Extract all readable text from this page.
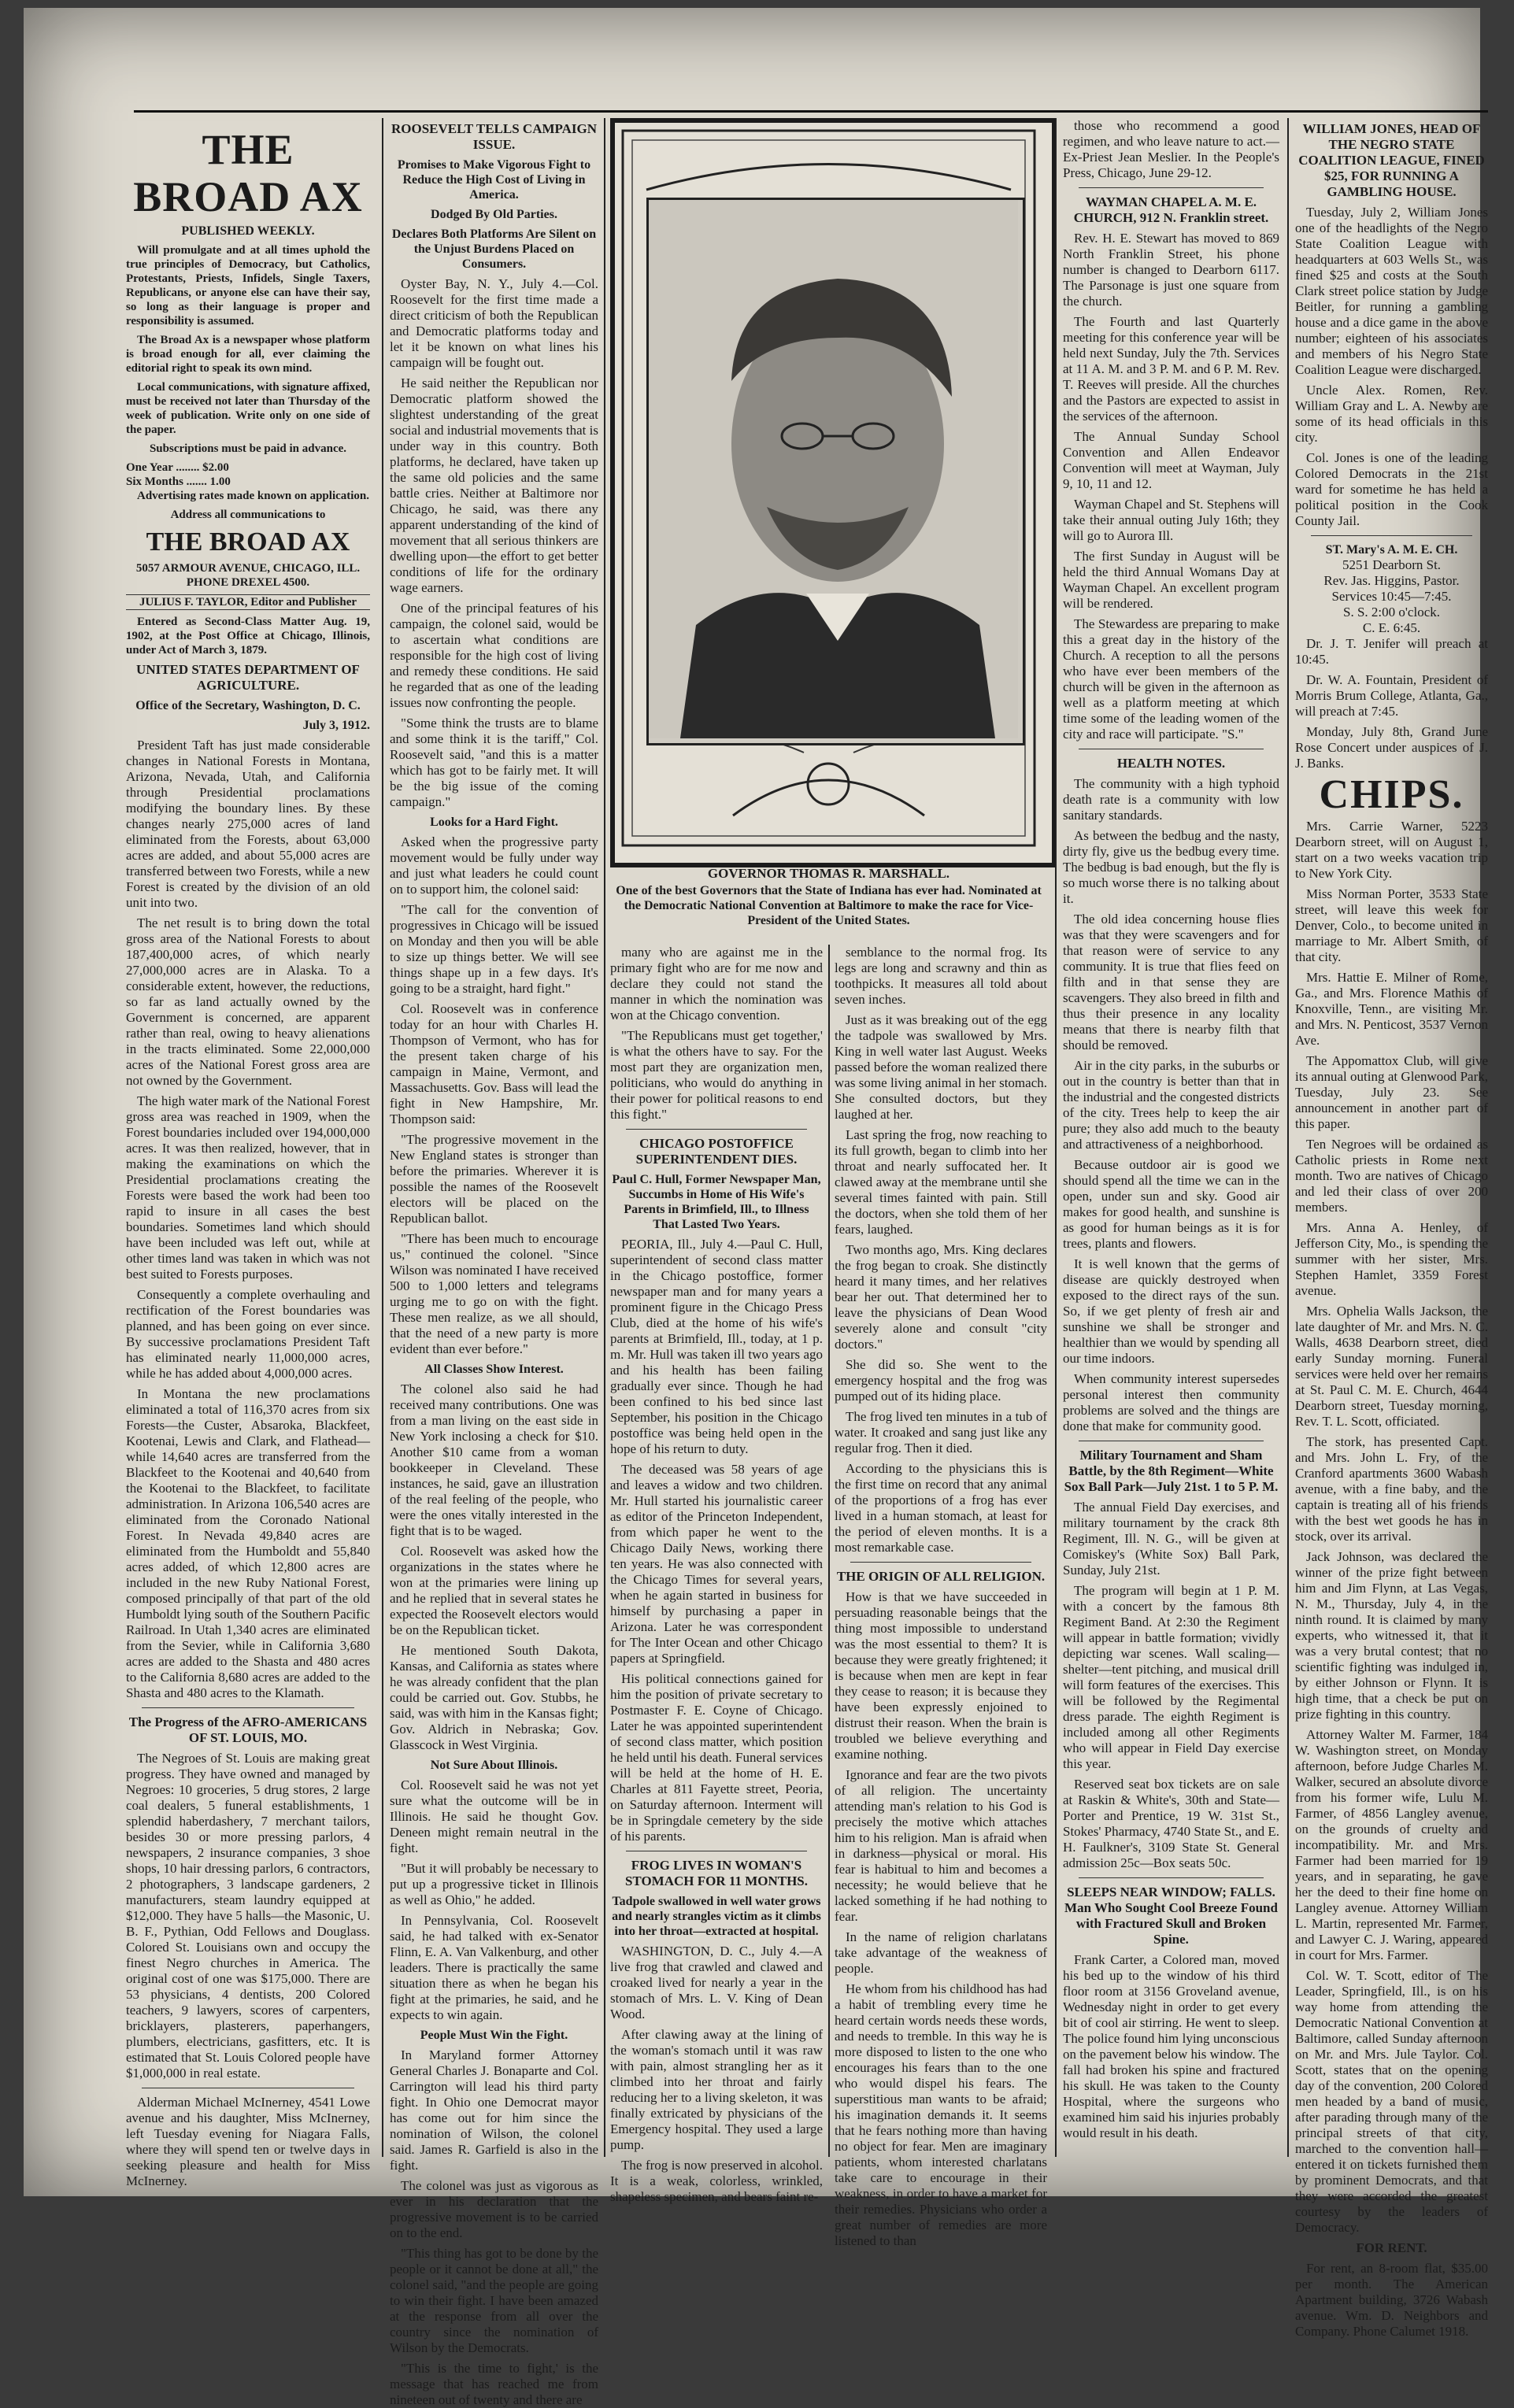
THE BROAD AX
PUBLISHED WEEKLY.

Will promulgate and at all times uphold the true principles of Democracy, but Catholics, Protestants, Priests, Infidels, Single Taxers, Republicans, or anyone else can have their say, so long as their language is proper and responsibility is assumed.

The Broad Ax is a newspaper whose platform is broad enough for all, ever claiming the editorial right to speak its own mind.

Local communications, with signature affixed, must be received not later than Thursday of the week of publication. Write only on one side of the paper.

Subscriptions must be paid in advance.

One Year ........ $2.00
Six Months ....... 1.00

Advertising rates made known on application.

Address all communications to

THE BROAD AX
5057 ARMOUR AVENUE, CHICAGO, ILL.
PHONE DREXEL 4500.
JULIUS F. TAYLOR, Editor and Publisher

Entered as Second-Class Matter Aug. 19, 1902, at the Post Office at Chicago, Illinois, under Act of March 3, 1879.

UNITED STATES DEPARTMENT OF AGRICULTURE.
Office of the Secretary, Washington, D. C.
July 3, 1912.

President Taft has just made considerable changes in National Forests in Montana, Arizona, Nevada, Utah, and California through Presidential proclamations modifying the boundary lines. By these changes nearly 275,000 acres of land eliminated from the Forests, about 63,000 acres are added, and about 55,000 acres are transferred between two Forests, while a new Forest is created by the division of an old unit into two.

The net result is to bring down the total gross area of the National Forests to about 187,400,000 acres, of which nearly 27,000,000 acres are in Alaska. To a considerable extent, however, the reductions, so far as land actually owned by the Government is concerned, are apparent rather than real, owing to heavy alienations in the tracts eliminated. Some 22,000,000 acres of the National Forest gross area are not owned by the Government.

The high water mark of the National Forest gross area was reached in 1909, when the Forest boundaries included over 194,000,000 acres. It was then realized, however, that in making the examinations on which the Presidential proclamations creating the Forests were based the work had been too rapid to insure in all cases the best boundaries. Sometimes land which should have been included was left out, while at other times land was taken in which was not best suited to Forests purposes.

Consequently a complete overhauling and rectification of the Forest boundaries was planned, and has been going on ever since. By successive proclamations President Taft has eliminated nearly 11,000,000 acres, while he has added about 4,000,000 acres.

In Montana the new proclamations eliminated a total of 116,370 acres from six Forests—the Custer, Absaroka, Blackfeet, Kootenai, Lewis and Clark, and Flathead—while 14,640 acres are transferred from the Blackfeet to the Kootenai and 40,640 from the Kootenai to the Blackfeet, to facilitate administration. In Arizona 106,540 acres are eliminated from the Coronado National Forest. In Nevada 49,840 acres are eliminated from the Humboldt and 55,840 acres added, of which 12,800 acres are included in the new Ruby National Forest, composed principally of that part of the old Humboldt lying south of the Southern Pacific Railroad. In Utah 1,340 acres are eliminated from the Sevier, while in California 3,680 acres are added to the Shasta and 480 acres to the California 8,680 acres are added to the Shasta and 480 acres to the Klamath.

The Progress of the AFRO-AMERICANS OF ST. LOUIS, MO.

The Negroes of St. Louis are making great progress. They have owned and managed by Negroes: 10 groceries, 5 drug stores, 2 large coal dealers, 5 funeral establishments, 1 splendid haberdashery, 7 merchant tailors, besides 30 or more pressing parlors, 4 newspapers, 2 insurance companies, 3 shoe shops, 10 hair dressing parlors, 6 contractors, 2 photographers, 3 landscape gardeners, 2 manufacturers, steam laundry equipped at $12,000. They have 5 halls—the Masonic, U. B. F., Pythian, Odd Fellows and Douglass. Colored St. Louisians own and occupy the finest Negro churches in America. The original cost of one was $175,000. There are 53 physicians, 4 dentists, 200 Colored teachers, 9 lawyers, scores of carpenters, bricklayers, plasterers, paperhangers, plumbers, electricians, gasfitters, etc. It is estimated that St. Louis Colored people have $1,000,000 in real estate.

Alderman Michael McInerney, 4541 Lowe avenue and his daughter, Miss McInerney, left Tuesday evening for Niagara Falls, where they will spend ten or twelve days in seeking pleasure and health for Miss McInerney.

ROOSEVELT TELLS CAMPAIGN ISSUE.
Promises to Make Vigorous Fight to Reduce the High Cost of Living in America.
Dodged By Old Parties.
Declares Both Platforms Are Silent on the Unjust Burdens Placed on Consumers.

Oyster Bay, N. Y., July 4.—Col. Roosevelt for the first time made a direct criticism of both the Republican and Democratic platforms today and let it be known on what lines his campaign will be fought out.

He said neither the Republican nor Democratic platform showed the slightest understanding of the great social and industrial movements that is under way in this country. Both platforms, he declared, have taken up the same old policies and the same battle cries. Neither at Baltimore nor Chicago, he said, was there any apparent understanding of the kind of movement that all serious thinkers are dwelling upon—the effort to get better conditions of life for the ordinary wage earners.

One of the principal features of his campaign, the colonel said, would be to ascertain what conditions are responsible for the high cost of living and remedy these conditions. He said he regarded that as one of the leading issues now confronting the people.

"Some think the trusts are to blame and some think it is the tariff," Col. Roosevelt said, "and this is a matter which has got to be fairly met. It will be the big issue of the coming campaign."

Looks for a Hard Fight.

Asked when the progressive party movement would be fully under way and just what leaders he could count on to support him, the colonel said:

"The call for the convention of progressives in Chicago will be issued on Monday and then you will be able to size up things better. We will see things shape up in a few days. It's going to be a straight, hard fight."

Col. Roosevelt was in conference today for an hour with Charles H. Thompson of Vermont, who has for the present taken charge of his campaign in Maine, Vermont, and Massachusetts. Gov. Bass will lead the fight in New Hampshire, Mr. Thompson said:

"The progressive movement in the New England states is stronger than before the primaries. Wherever it is possible the names of the Roosevelt electors will be placed on the Republican ballot.

"There has been much to encourage us," continued the colonel. "Since Wilson was nominated I have received 500 to 1,000 letters and telegrams urging me to go on with the fight. These men realize, as we all should, that the need of a new party is more evident than ever before."

All Classes Show Interest.

The colonel also said he had received many contributions. One was from a man living on the east side in New York inclosing a check for $10. Another $10 came from a woman bookkeeper in Cleveland. These instances, he said, gave an illustration of the real feeling of the people, who were the ones vitally interested in the fight that is to be waged.

Col. Roosevelt was asked how the organizations in the states where he won at the primaries were lining up and he replied that in several states he expected the Roosevelt electors would be on the Republican ticket.

He mentioned South Dakota, Kansas, and California as states where he was already confident that the plan could be carried out. Gov. Stubbs, he said, was with him in the Kansas fight; Gov. Aldrich in Nebraska; Gov. Glasscock in West Virginia.

Not Sure About Illinois.

Col. Roosevelt said he was not yet sure what the outcome will be in Illinois. He said he thought Gov. Deneen might remain neutral in the fight.

"But it will probably be necessary to put up a progressive ticket in Illinois as well as Ohio," he added.

In Pennsylvania, Col. Roosevelt said, he had talked with ex-Senator Flinn, E. A. Van Valkenburg, and other leaders. There is practically the same situation there as when he began his fight at the primaries, he said, and he expects to win again.

People Must Win the Fight.

In Maryland former Attorney General Charles J. Bonaparte and Col. Carrington will lead his third party fight. In Ohio one Democrat mayor has come out for him since the nomination of Wilson, the colonel said. James R. Garfield is also in the fight.

The colonel was just as vigorous as ever in his declaration that the progressive movement is to be carried on to the end.

"This thing has got to be done by the people or it cannot be done at all," the colonel said, "and the people are going to win their fight. I have been amazed at the response from all over the country since the nomination of Wilson by the Democrats.

"This is the time to fight,' is the message that has reached me from nineteen out of twenty and there are

GOVERNOR THOMAS R. MARSHALL.
One of the best Governors that the State of Indiana has ever had. Nominated at the Democratic National Convention at Baltimore to make the race for Vice-President of the United States.

many who are against me in the primary fight who are for me now and declare they could not stand the manner in which the nomination was won at the Chicago convention.

"The Republicans must get together,' is what the others have to say. For the most part they are organization men, politicians, who would do anything in their power for political reasons to end this fight."

CHICAGO POSTOFFICE SUPERINTENDENT DIES.
Paul C. Hull, Former Newspaper Man, Succumbs in Home of His Wife's Parents in Brimfield, Ill., to Illness That Lasted Two Years.

PEORIA, Ill., July 4.—Paul C. Hull, superintendent of second class matter in the Chicago postoffice, former newspaper man and for many years a prominent figure in the Chicago Press Club, died at the home of his wife's parents at Brimfield, Ill., today, at 1 p. m. Mr. Hull was taken ill two years ago and his health has been failing gradually ever since. Though he had been confined to his bed since last September, his position in the Chicago postoffice was being held open in the hope of his return to duty.

The deceased was 58 years of age and leaves a widow and two children. Mr. Hull started his journalistic career as editor of the Princeton Independent, from which paper he went to the Chicago Daily News, working there ten years. He was also connected with the Chicago Times for several years, when he again started in business for himself by purchasing a paper in Arizona. Later he was correspondent for The Inter Ocean and other Chicago papers at Springfield.

His political connections gained for him the position of private secretary to Postmaster F. E. Coyne of Chicago. Later he was appointed superintendent of second class matter, which position he held until his death. Funeral services will be held at the home of H. E. Charles at 811 Fayette street, Peoria, on Saturday afternoon. Interment will be in Springdale cemetery by the side of his parents.

FROG LIVES IN WOMAN'S STOMACH FOR 11 MONTHS.
Tadpole swallowed in well water grows and nearly strangles victim as it climbs into her throat—extracted at hospital.

WASHINGTON, D. C., July 4.—A live frog that crawled and clawed and croaked lived for nearly a year in the stomach of Mrs. L. V. King of Dean Wood.

After clawing away at the lining of the woman's stomach until it was raw with pain, almost strangling her as it climbed into her throat and fairly reducing her to a living skeleton, it was finally extricated by physicians of the Emergency hospital. They used a large pump.

The frog is now preserved in alcohol. It is a weak, colorless, wrinkled, shapeless specimen, and bears faint re-

semblance to the normal frog. Its legs are long and scrawny and thin as toothpicks. It measures all told about seven inches.

Just as it was breaking out of the egg the tadpole was swallowed by Mrs. King in well water last August. Weeks passed before the woman realized there was some living animal in her stomach. She consulted doctors, but they laughed at her.

Last spring the frog, now reaching to its full growth, began to climb into her throat and nearly suffocated her. It clawed away at the membrane until she several times fainted with pain. Still the doctors, when she told them of her fears, laughed.

Two months ago, Mrs. King declares the frog began to croak. She distinctly heard it many times, and her relatives bear her out. That determined her to leave the physicians of Dean Wood severely alone and consult "city doctors."

She did so. She went to the emergency hospital and the frog was pumped out of its hiding place.

The frog lived ten minutes in a tub of water. It croaked and sang just like any regular frog. Then it died.

According to the physicians this is the first time on record that any animal of the proportions of a frog has ever lived in a human stomach, at least for the period of eleven months. It is a most remarkable case.

THE ORIGIN OF ALL RELIGION.

How is that we have succeeded in persuading reasonable beings that the thing most impossible to understand was the most essential to them? It is because they were greatly frightened; it is because when men are kept in fear they cease to reason; it is because they have been expressly enjoined to distrust their reason. When the brain is troubled we believe everything and examine nothing.

Ignorance and fear are the two pivots of all religion. The uncertainty attending man's relation to his God is precisely the motive which attaches him to his religion. Man is afraid when in darkness—physical or moral. His fear is habitual to him and becomes a necessity; he would believe that he lacked something if he had nothing to fear.

In the name of religion charlatans take advantage of the weakness of people.

He whom from his childhood has had a habit of trembling every time he heard certain words needs these words, and needs to tremble. In this way he is more disposed to listen to the one who encourages his fears than to the one who would dispel his fears. The superstitious man wants to be afraid; his imagination demands it. It seems that he fears nothing more than having no object for fear. Men are imaginary patients, whom interested charlatans take care to encourage in their weakness, in order to have a market for their remedies. Physicians who order a great number of remedies are more listened to than

those who recommend a good regimen, and who leave nature to act.—Ex-Priest Jean Meslier. In the People's Press, Chicago, June 29-12.

WAYMAN CHAPEL A. M. E. CHURCH, 912 N. Franklin street.

Rev. H. E. Stewart has moved to 869 North Franklin Street, his phone number is changed to Dearborn 6117. The Parsonage is just one square from the church.

The Fourth and last Quarterly meeting for this conference year will be held next Sunday, July the 7th. Services at 11 A. M. and 3 P. M. and 6 P. M. Rev. T. Reeves will preside. All the churches and the Pastors are expected to assist in the services of the afternoon.

The Annual Sunday School Convention and Allen Endeavor Convention will meet at Wayman, July 9, 10, 11 and 12.

Wayman Chapel and St. Stephens will take their annual outing July 16th; they will go to Aurora Ill.

The first Sunday in August will be held the third Annual Womans Day at Wayman Chapel. An excellent program will be rendered.

The Stewardess are preparing to make this a great day in the history of the Church. A reception to all the persons who have ever been members of the church will be given in the afternoon as well as a platform meeting at which time some of the leading women of the city and race will participate. "S."

HEALTH NOTES.

The community with a high typhoid death rate is a community with low sanitary standards.

As between the bedbug and the nasty, dirty fly, give us the bedbug every time. The bedbug is bad enough, but the fly is so much worse there is no talking about it.

The old idea concerning house flies was that they were scavengers and for that reason were of service to any community. It is true that flies feed on filth and in that sense they are scavengers. They also breed in filth and thus their presence in any locality means that there is nearby filth that should be removed.

Air in the city parks, in the suburbs or out in the country is better than that in the industrial and the congested districts of the city. Trees help to keep the air pure; they also add much to the beauty and attractiveness of a neighborhood.

Because outdoor air is good we should spend all the time we can in the open, under sun and sky. Good air makes for good health, and sunshine is as good for human beings as it is for trees, plants and flowers.

It is well known that the germs of disease are quickly destroyed when exposed to the direct rays of the sun. So, if we get plenty of fresh air and sunshine we shall be stronger and healthier than we would by spending all our time indoors.

When community interest supersedes personal interest then community problems are solved and the things are done that make for community good.

Military Tournament and Sham Battle, by the 8th Regiment—White Sox Ball Park—July 21st. 1 to 5 P. M.

The annual Field Day exercises, and military tournament by the crack 8th Regiment, Ill. N. G., will be given at Comiskey's (White Sox) Ball Park, Sunday, July 21st.

The program will begin at 1 P. M. with a concert by the famous 8th Regiment Band. At 2:30 the Regiment will appear in battle formation; vividly depicting war scenes. Wall scaling—shelter—tent pitching, and musical drill will form features of the exercises. This will be followed by the Regimental dress parade. The eighth Regiment is included among all other Regiments who will appear in Field Day exercise this year.

Reserved seat box tickets are on sale at Raskin & White's, 30th and State—Porter and Prentice, 19 W. 31st St., Stokes' Pharmacy, 4740 State St., and E. H. Faulkner's, 3109 State St. General admission 25c—Box seats 50c.

SLEEPS NEAR WINDOW; FALLS. Man Who Sought Cool Breeze Found with Fractured Skull and Broken Spine.

Frank Carter, a Colored man, moved his bed up to the window of his third floor room at 3156 Groveland avenue, Wednesday night in order to get every bit of cool air stirring. He went to sleep. The police found him lying unconscious on the pavement below his window. The fall had broken his spine and fractured his skull. He was taken to the County Hospital, where the surgeons who examined him said his injuries probably would result in his death.

WILLIAM JONES, HEAD OF THE NEGRO STATE COALITION LEAGUE, FINED $25, FOR RUNNING A GAMBLING HOUSE.

Tuesday, July 2, William Jones one of the headlights of the Negro State Coalition League with headquarters at 603 Wells St., was fined $25 and costs at the South Clark street police station by Judge Beitler, for running a gambling house and a dice game in the above number; eighteen of his associates and members of his Negro State Coalition League were discharged.

Uncle Alex. Romen, Rev. William Gray and L. A. Newby are some of its head officials in this city.

Col. Jones is one of the leading Colored Democrats in the 21st ward for sometime he has held a political position in the Cook County Jail.

ST. Mary's A. M. E. CH.
5251 Dearborn St.
Rev. Jas. Higgins, Pastor.
Services 10:45—7:45.
S. S. 2:00 o'clock.
C. E. 6:45.

Dr. J. T. Jenifer will preach at 10:45.

Dr. W. A. Fountain, President of Morris Brum College, Atlanta, Ga., will preach at 7:45.

Monday, July 8th, Grand June Rose Concert under auspices of J. J. Banks.

CHIPS.

Mrs. Carrie Warner, 5223 Dearborn street, will on August 1, start on a two weeks vacation trip to New York City.

Miss Norman Porter, 3533 State street, will leave this week for Denver, Colo., to become united in marriage to Mr. Albert Smith, of that city.

Mrs. Hattie E. Milner of Rome, Ga., and Mrs. Florence Mathis of Knoxville, Tenn., are visiting Mr. and Mrs. N. Penticost, 3537 Vernon Ave.

The Appomattox Club, will give its annual outing at Glenwood Park, Tuesday, July 23. See announcement in another part of this paper.

Ten Negroes will be ordained as Catholic priests in Rome next month. Two are natives of Chicago and led their class of over 200 members.

Mrs. Anna A. Henley, of Jefferson City, Mo., is spending the summer with her sister, Mrs. Stephen Hamlet, 3359 Forest avenue.

Mrs. Ophelia Walls Jackson, the late daughter of Mr. and Mrs. N. C. Walls, 4638 Dearborn street, died early Sunday morning. Funeral services were held over her remains at St. Paul C. M. E. Church, 4644 Dearborn street, Tuesday morning, Rev. T. L. Scott, officiated.

The stork, has presented Capt. and Mrs. John L. Fry, of the Cranford apartments 3600 Wabash avenue, with a fine baby, and the captain is treating all of his friends with the best wet goods he has in stock, over its arrival.

Jack Johnson, was declared the winner of the prize fight between him and Jim Flynn, at Las Vegas, N. M., Thursday, July 4, in the ninth round. It is claimed by many experts, who witnessed it, that it was a very brutal contest; that no scientific fighting was indulged in, by either Johnson or Flynn. It is high time, that a check be put on prize fighting in this country.

Attorney Walter M. Farmer, 184 W. Washington street, on Monday afternoon, before Judge Charles M. Walker, secured an absolute divorce from his former wife, Lulu M. Farmer, of 4856 Langley avenue, on the grounds of cruelty and incompatibility. Mr. and Mrs. Farmer had been married for 19 years, and in separating, he gave her the deed to their fine home on Langley avenue. Attorney William L. Martin, represented Mr. Farmer, and Lawyer C. J. Waring, appeared in court for Mrs. Farmer.

Col. W. T. Scott, editor of The Leader, Springfield, Ill., is on his way home from attending the Democratic National Convention at Baltimore, called Sunday afternoon on Mr. and Mrs. Jule Taylor. Col. Scott, states that on the opening day of the convention, 200 Colored men headed by a band of music, after parading through many of the principal streets of that city, marched to the convention hall—entered it on tickets furnished them by prominent Democrats, and that they were accorded the greatest courtesy by the leaders of Democracy.

FOR RENT.

For rent, an 8-room flat, $35.00 per month. The American Apartment building, 3726 Wabash avenue. Wm. D. Neighbors and Company. Phone Calumet 1918.
